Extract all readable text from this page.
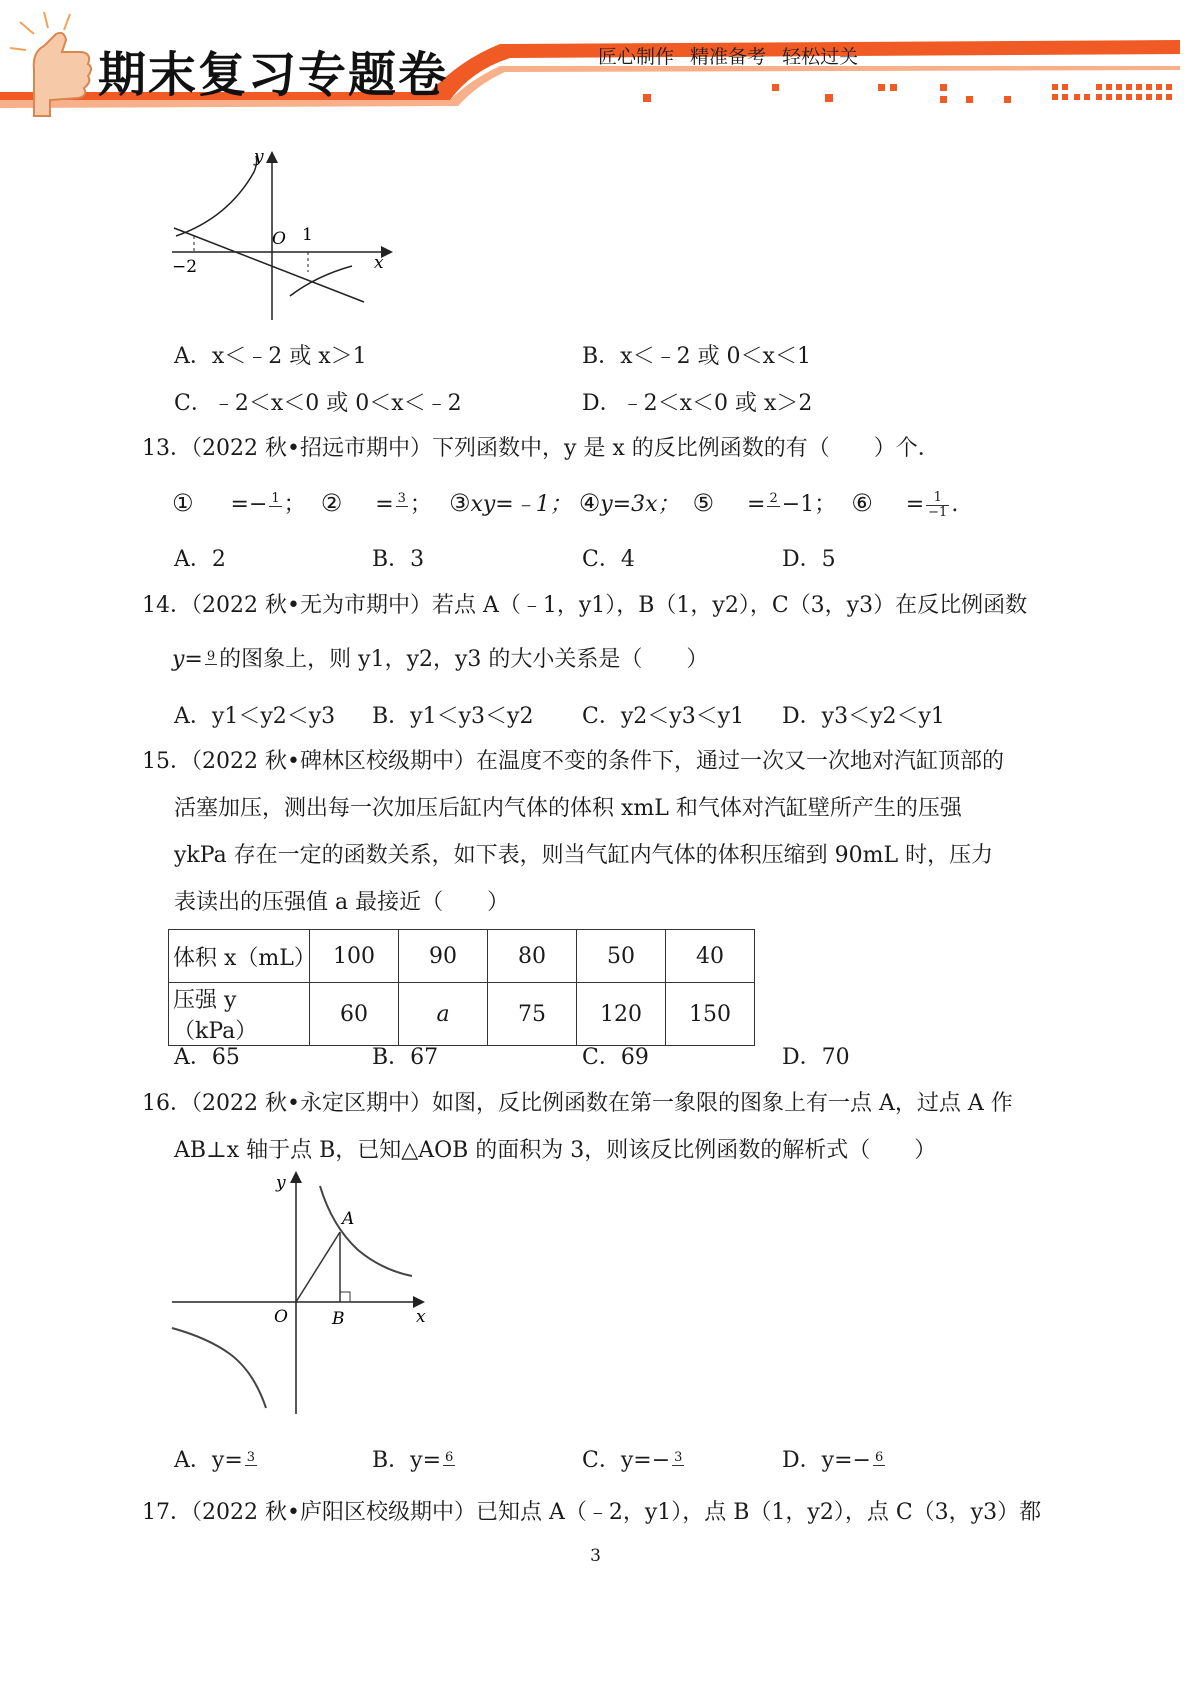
期末复习专题卷	匠心制作 精准备考 轻松过关
y
x
O 1
−2
A．x＜﹣2 或 x＞1	B．x＜﹣2 或 0＜x＜1
C．﹣2＜x＜0 或 0＜x＜﹣2	D．﹣2＜x＜0 或 x＞2
13．
（2022 秋•招远市期中）下列函数中，y 是 x 的反比例函数的有（　　）个．
① =− 1 ； ② = 3 ； ③xy=﹣1； ④y=3x； ⑤ = 2 −1； ⑥ = $\frac{1}{-1}$ .
A．2	B．3	C．4	D．5
14．
（2022 秋•无为市期中）若点 A（﹣1，y1），B（1，y2），C（3，y3）在反比例函数
y= 9 的图象上，则 y1，y2，y3 的大小关系是（　　）
A．y1＜y2＜y3 B．y1＜y3＜y2 C．y2＜y3＜y1 D．y3＜y2＜y1
15．
（2022 秋•碑林区校级期中）在温度不变的条件下，通过一次又一次地对汽缸顶部的
活塞加压，测出每一次加压后缸内气体的体积 xmL 和气体对汽缸壁所产生的压强
ykPa 存在一定的函数关系，如下表，则当气缸内气体的体积压缩到 90mL 时，压力
表读出的压强值 a 最接近（　　）
体积 x（mL）	100	90	80	50	40
压强 y（kPa）	60	a	75	120	150
A．65	B．67	C．69	D．70
16．
（2022 秋•永定区期中）如图，反比例函数在第一象限的图象上有一点 A，过点 A 作
AB⊥x 轴于点 B，已知△AOB 的面积为 3，则该反比例函数的解析式（　　）
y
x
O
A
B
A．y= 3	B．y= 6	C．y=− 3	D．y=− 6
17．
（2022 秋•庐阳区校级期中）已知点 A（﹣2，y1），点 B（1，y2），点 C（3，y3）都
3
